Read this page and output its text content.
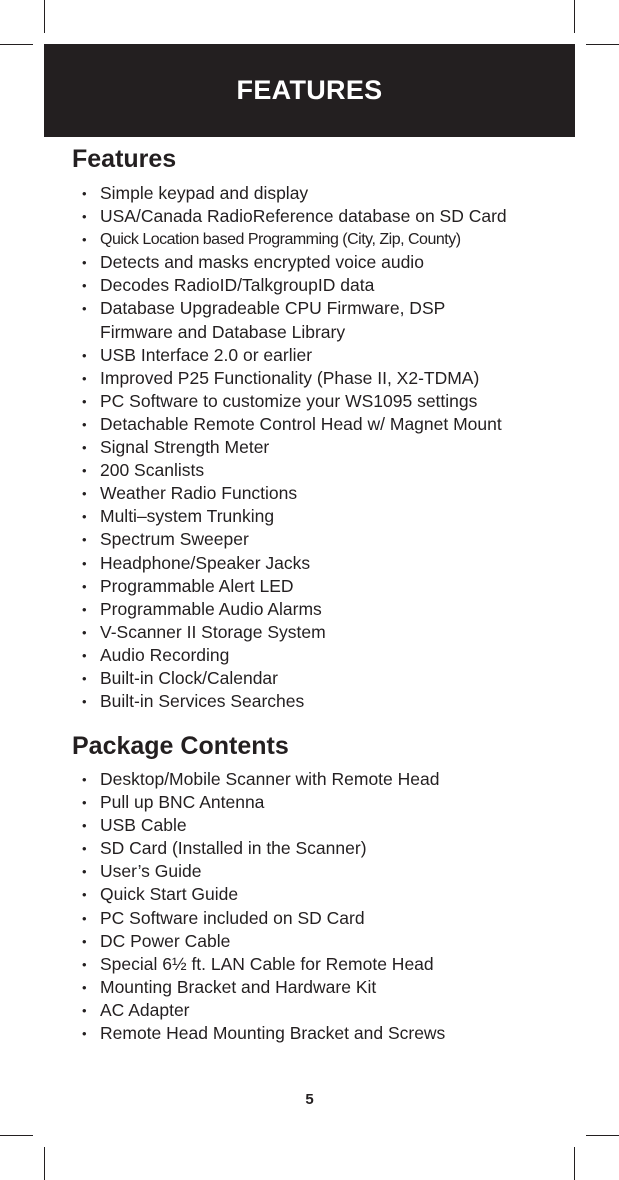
FEATURES
Features
• Simple keypad and display
• USA/Canada RadioReference database on SD Card
• Quick Location based Programming (City, Zip, County)
• Detects and masks encrypted voice audio
• Decodes RadioID/TalkgroupID data
• Database Upgradeable CPU Firmware, DSP Firmware and Database Library
• USB Interface 2.0 or earlier
• Improved P25 Functionality (Phase II, X2-TDMA)
• PC Software to customize your WS1095 settings
• Detachable Remote Control Head w/ Magnet Mount
• Signal Strength Meter
• 200 Scanlists
• Weather Radio Functions
• Multi–system Trunking
• Spectrum Sweeper
• Headphone/Speaker Jacks
• Programmable Alert LED
• Programmable Audio Alarms
• V-Scanner II Storage System
• Audio Recording
• Built-in Clock/Calendar
• Built-in Services Searches
Package Contents
• Desktop/Mobile Scanner with Remote Head
• Pull up BNC Antenna
• USB Cable
• SD Card (Installed in the Scanner)
• User’s Guide
• Quick Start Guide
• PC Software included on SD Card
• DC Power Cable
• Special 6½ ft. LAN Cable for Remote Head
• Mounting Bracket and Hardware Kit
• AC Adapter
• Remote Head Mounting Bracket and Screws
5
